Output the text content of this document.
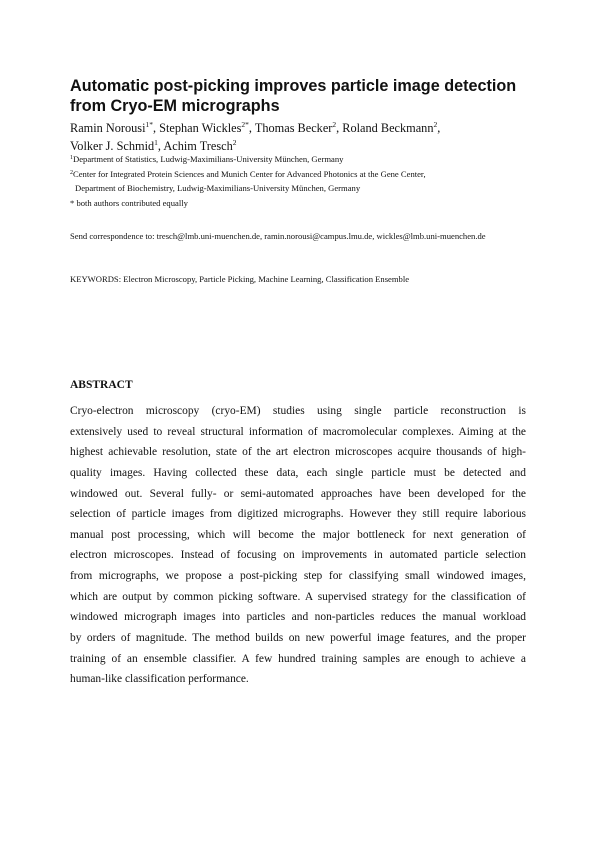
Automatic post-picking improves particle image detection
from Cryo-EM micrographs
Ramin Norousi$^{1*}$, Stephan Wickles$^{2*}$, Thomas Becker$^2$, Roland Beckmann$^2$,
Volker J. Schmid$^1$, Achim Tresch$^2$
$^1$Department of Statistics, Ludwig-Maximilians-University München, Germany
$^2$Center for Integrated Protein Sciences and Munich Center for Advanced Photonics at the Gene Center,
Department of Biochemistry, Ludwig-Maximilians-University München, Germany
* both authors contributed equally
Send correspondence to: tresch@lmb.uni-muenchen.de, ramin.norousi@campus.lmu.de, wickles@lmb.uni-muenchen.de
KEYWORDS: Electron Microscopy, Particle Picking, Machine Learning, Classification Ensemble
ABSTRACT
Cryo-electron microscopy (cryo-EM) studies using single particle reconstruction is
extensively used to reveal structural information of macromolecular complexes. Aiming at the
highest achievable resolution, state of the art electron microscopes acquire thousands of high-
quality images. Having collected these data, each single particle must be detected and
windowed out. Several fully- or semi-automated approaches have been developed for the
selection of particle images from digitized micrographs. However they still require laborious
manual post processing, which will become the major bottleneck for next generation of
electron microscopes. Instead of focusing on improvements in automated particle selection
from micrographs, we propose a post-picking step for classifying small windowed images,
which are output by common picking software. A supervised strategy for the classification of
windowed micrograph images into particles and non-particles reduces the manual workload
by orders of magnitude. The method builds on new powerful image features, and the proper
training of an ensemble classifier. A few hundred training samples are enough to achieve a
human-like classification performance.
